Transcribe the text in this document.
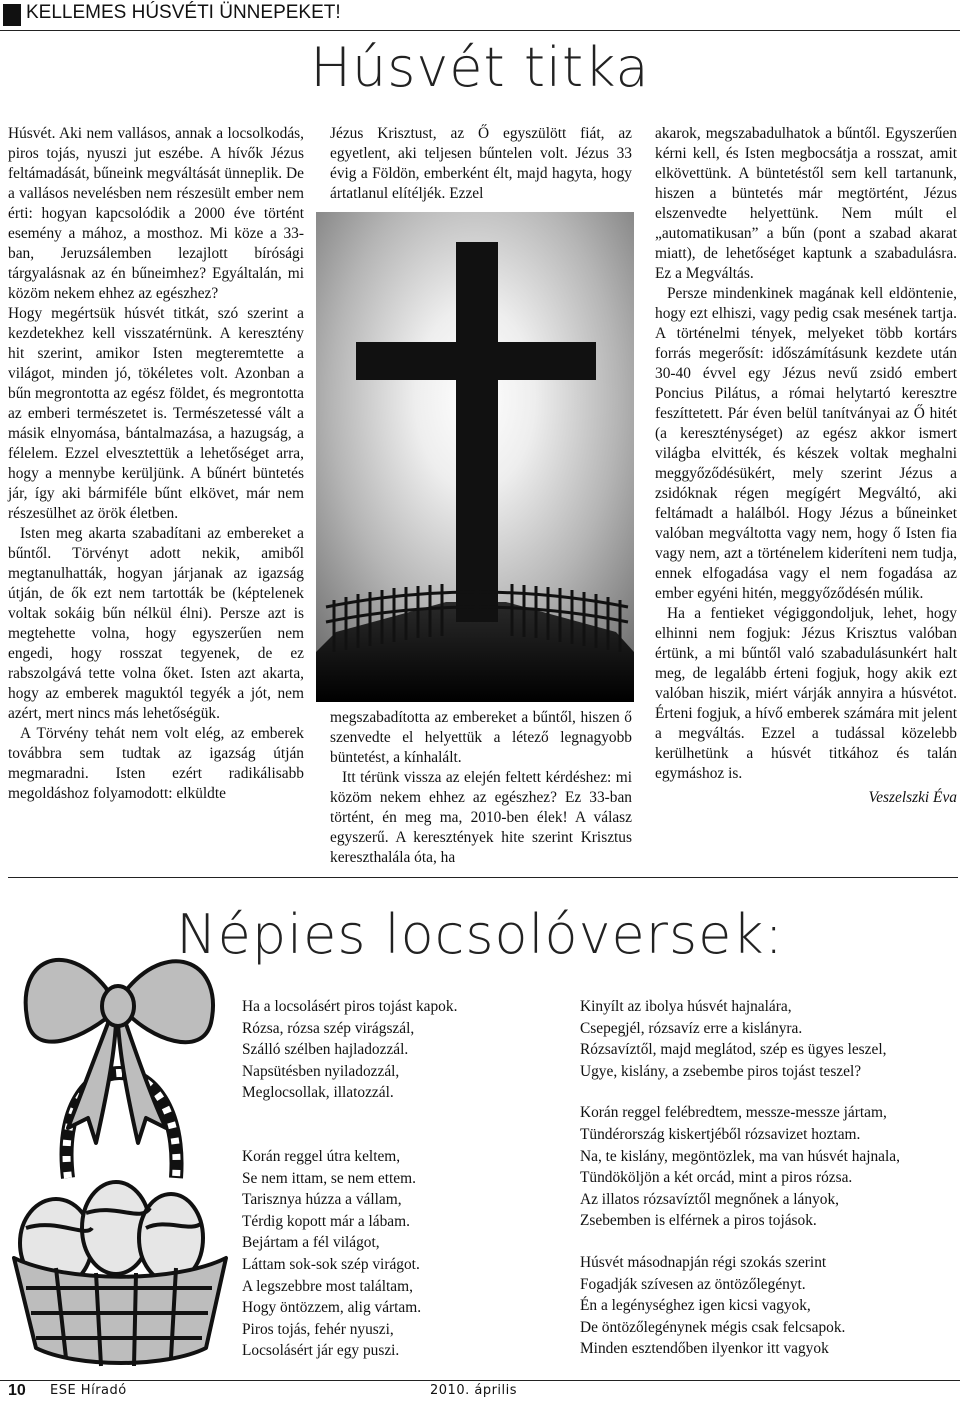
KELLEMES HÚSVÉTI ÜNNEPEKET!
Húsvét titka

Húsvét. Aki nem vallásos, annak a locsolkodás, piros tojás, nyuszi jut eszébe. A hívők Jézus feltámadását, bűneink megváltását ünneplik. De a vallásos nevelésben nem részesült ember nem érti: hogyan kapcsolódik a 2000 éve történt esemény a mához, a mosthoz. Mi köze a 33-ban, Jeruzsálemben lezajlott bírósági tárgyalásnak az én bűneimhez? Egyáltalán, mi közöm nekem ehhez az egészhez?

Hogy megértsük húsvét titkát, szó szerint a kezdetekhez kell visszatérnünk. A keresztény hit szerint, amikor Isten megteremtette a világot, minden jó, tökéletes volt. Azonban a bűn megrontotta az egész földet, és megrontotta az emberi természetet is. Természetessé vált a másik elnyomása, bántalmazása, a hazugság, a félelem. Ezzel elvesztettük a lehetőséget arra, hogy a mennybe kerüljünk. A bűnért büntetés jár, így aki bármiféle bűnt elkövet, már nem részesülhet az örök életben.

Isten meg akarta szabadítani az embereket a bűntől. Törvényt adott nekik, amiből megtanulhatták, hogyan járjanak az igazság útján, de ők ezt nem tartották be (képtelenek voltak sokáig bűn nélkül élni). Persze azt is megtehette volna, hogy egyszerűen nem engedi, hogy rosszat tegyenek, de ez rabszolgává tette volna őket. Isten azt akarta, hogy az emberek maguktól tegyék a jót, nem azért, mert nincs más lehetőségük.

A Törvény tehát nem volt elég, az emberek továbbra sem tudtak az igazság útján megmaradni. Isten ezért radikálisabb megoldáshoz folyamodott: elküldte

Jézus Krisztust, az Ő egyszülött fiát, az egyetlent, aki teljesen bűntelen volt. Jézus 33 évig a Földön, emberként élt, majd hagyta, hogy ártatlanul elítéljék. Ezzel

megszabadította az embereket a bűntől, hiszen ő szenvedte el helyettük a létező legnagyobb büntetést, a kínhalált.

Itt térünk vissza az elején feltett kérdéshez: mi közöm nekem ehhez az egészhez? Ez 33-ban történt, én meg ma, 2010-ben élek! A válasz egyszerű. A keresztények hite szerint Krisztus kereszthalála óta, ha

akarok, megszabadulhatok a bűntől. Egyszerűen kérni kell, és Isten megbocsátja a rosszat, amit elkövettünk. A büntetéstől sem kell tartanunk, hiszen a büntetés már megtörtént, Jézus elszenvedte helyettünk. Nem múlt el „automatikusan” a bűn (pont a szabad akarat miatt), de lehetőséget kaptunk a szabadulásra. Ez a Megváltás.

Persze mindenkinek magának kell eldöntenie, hogy ezt elhiszi, vagy pedig csak mesének tartja. A történelmi tények, melyeket több kortárs forrás megerősít: időszámításunk kezdete után 30-40 évvel egy Jézus nevű zsidó embert Poncius Pilátus, a római helytartó keresztre feszíttetett. Pár éven belül tanítványai az Ő hitét (a kereszténységet) az egész akkor ismert világba elvitték, és készek voltak meghalni meggyőződésükért, mely szerint Jézus a zsidóknak régen megígért Megváltó, aki feltámadt a halálból. Hogy Jézus a bűneinket valóban megváltotta vagy nem, hogy ő Isten fia vagy nem, azt a történelem kideríteni nem tudja, ennek elfogadása vagy el nem fogadása az ember egyéni hitén, meggyőződésén múlik.

Ha a fentieket végiggondoljuk, lehet, hogy elhinni nem fogjuk: Jézus Krisztus valóban értünk, a mi bűntől való szabadulásunkért halt meg, de legalább érteni fogjuk, hogy akik ezt valóban hiszik, miért várják annyira a húsvétot. Érteni fogjuk, a hívő emberek számára mit jelent a megváltás. Ezzel a tudással közelebb kerülhetünk a húsvét titkához és talán egymáshoz is.

Veszelszki Éva
Népies locsolóversek:

Ha a locsolásért piros tojást kapok.
Rózsa, rózsa szép virágszál,
Szálló szélben hajladozzál.
Napsütésben nyiladozzál,
Meglocsollak, illatozzál.

Korán reggel útra keltem,
Se nem ittam, se nem ettem.
Tarisznya húzza a vállam,
Térdig kopott már a lábam.
Bejártam a fél világot,
Láttam sok-sok szép virágot.
A legszebbre most találtam,
Hogy öntözzem, alig vártam.
Piros tojás, fehér nyuszi,
Locsolásért jár egy puszi.

Kinyílt az ibolya húsvét hajnalára,
Csepegjél, rózsavíz erre a kislányra.
Rózsavíztől, majd meglátod, szép es ügyes leszel,
Ugye, kislány, a zsebembe piros tojást teszel?

Korán reggel felébredtem, messze-messze jártam,
Tündérország kiskertjéből rózsavizet hoztam.
Na, te kislány, megöntözlek, ma van húsvét hajnala,
Tündököljön a két orcád, mint a piros rózsa.
Az illatos rózsavíztől megnőnek a lányok,
Zsebemben is elférnek a piros tojások.

Húsvét másodnapján régi szokás szerint
Fogadják szívesen az öntözőlegényt.
Én a legénységhez igen kicsi vagyok,
De öntözőlegénynek mégis csak felcsapok.
Minden esztendőben ilyenkor itt vagyok

10 ESE Híradó	2010. április
